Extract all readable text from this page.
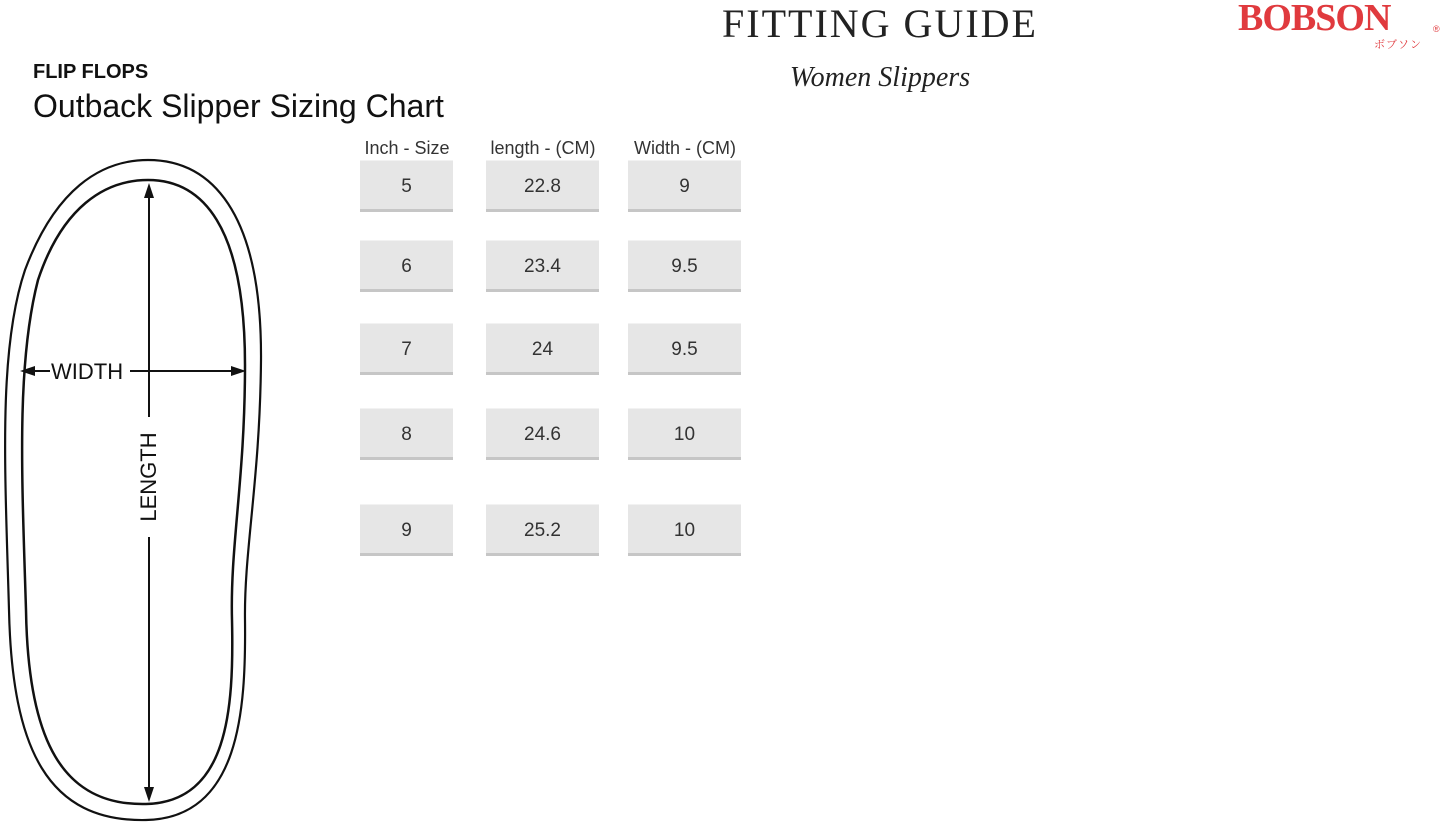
FITTING GUIDE	BOBSON	®
ボブソン
Women Slippers
FLIP FLOPS
Outback Slipper Sizing Chart
WIDTH
LENGTH
Inch - Size	length - (CM)	Width - (CM)
5	22.8	9
6	23.4	9.5
7	24	9.5
8	24.6	10
9	25.2	10
